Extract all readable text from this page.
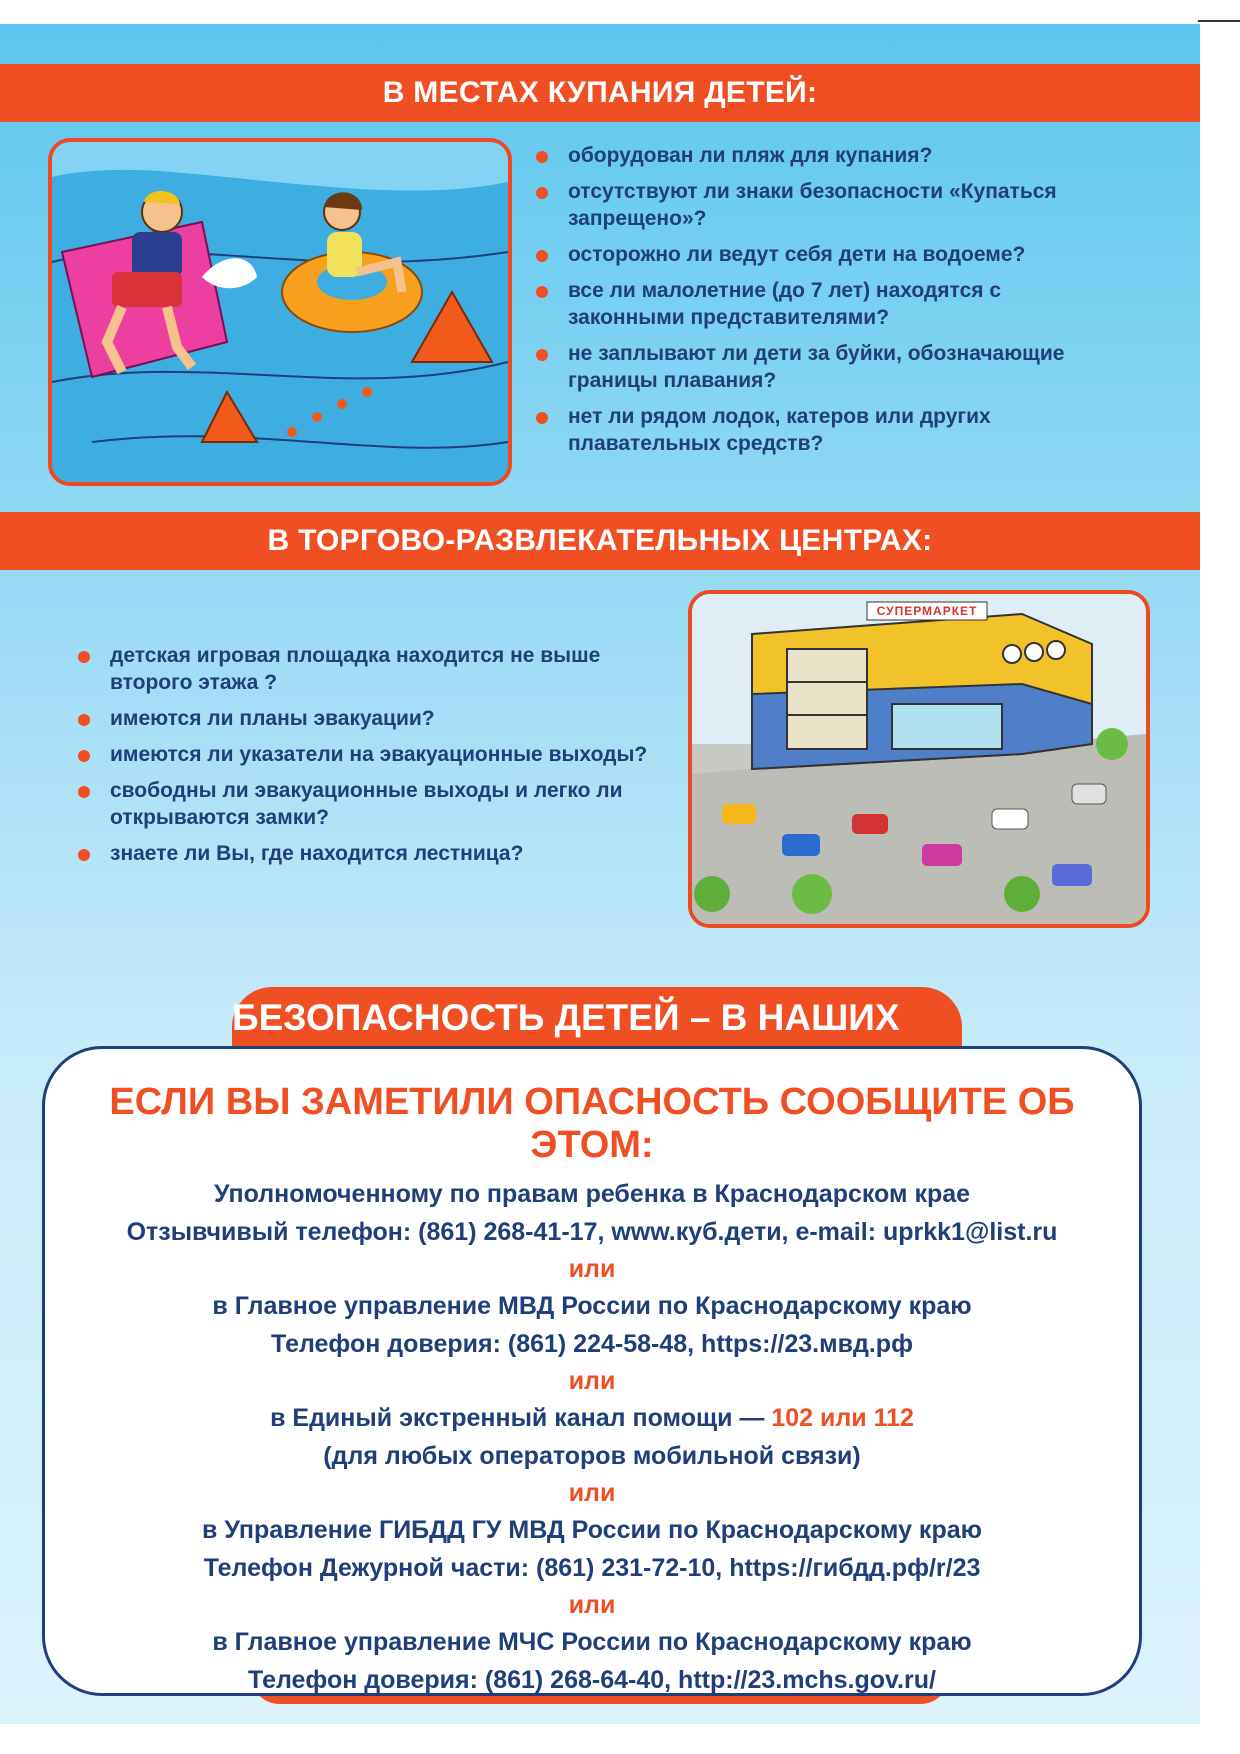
В МЕСТАХ КУПАНИЯ ДЕТЕЙ:
оборудован ли пляж для купания?
отсутствуют ли знаки безопасности «Купаться запрещено»?
осторожно ли ведут себя дети на водоеме?
все ли малолетние (до 7 лет) находятся с законными представителями?
не заплывают ли дети за буйки, обозначающие границы плавания?
нет ли рядом лодок, катеров или других плавательных средств?
В ТОРГОВО-РАЗВЛЕКАТЕЛЬНЫХ ЦЕНТРАХ:
детская игровая площадка находится не выше второго этажа ?
имеются ли планы эвакуации?
имеются ли указатели на эвакуационные выходы?
свободны ли эвакуационные выходы и легко ли открываются замки?
знаете ли Вы, где находится лестница?
СУПЕРМАРКЕТ
БЕЗОПАСНОСТЬ ДЕТЕЙ – В НАШИХ
ЕСЛИ ВЫ ЗАМЕТИЛИ ОПАСНОСТЬ СООБЩИТЕ ОБ ЭТОМ:
Уполномоченному по правам ребенка в Краснодарском крае
Отзывчивый телефон: (861) 268-41-17, www.куб.дети, e-mail: uprkk1@list.ru
или
в Главное управление МВД России по Краснодарскому краю
Телефон доверия: (861) 224-58-48, https://23.мвд.рф
или
в Единый экстренный канал помощи — 102 или 112
(для любых операторов мобильной связи)
или
в Управление ГИБДД ГУ МВД России по Краснодарскому краю
Телефон Дежурной части: (861) 231-72-10, https://гибдд.рф/r/23
или
в Главное управление МЧС России по Краснодарскому краю
Телефон доверия: (861) 268-64-40, http://23.mchs.gov.ru/
